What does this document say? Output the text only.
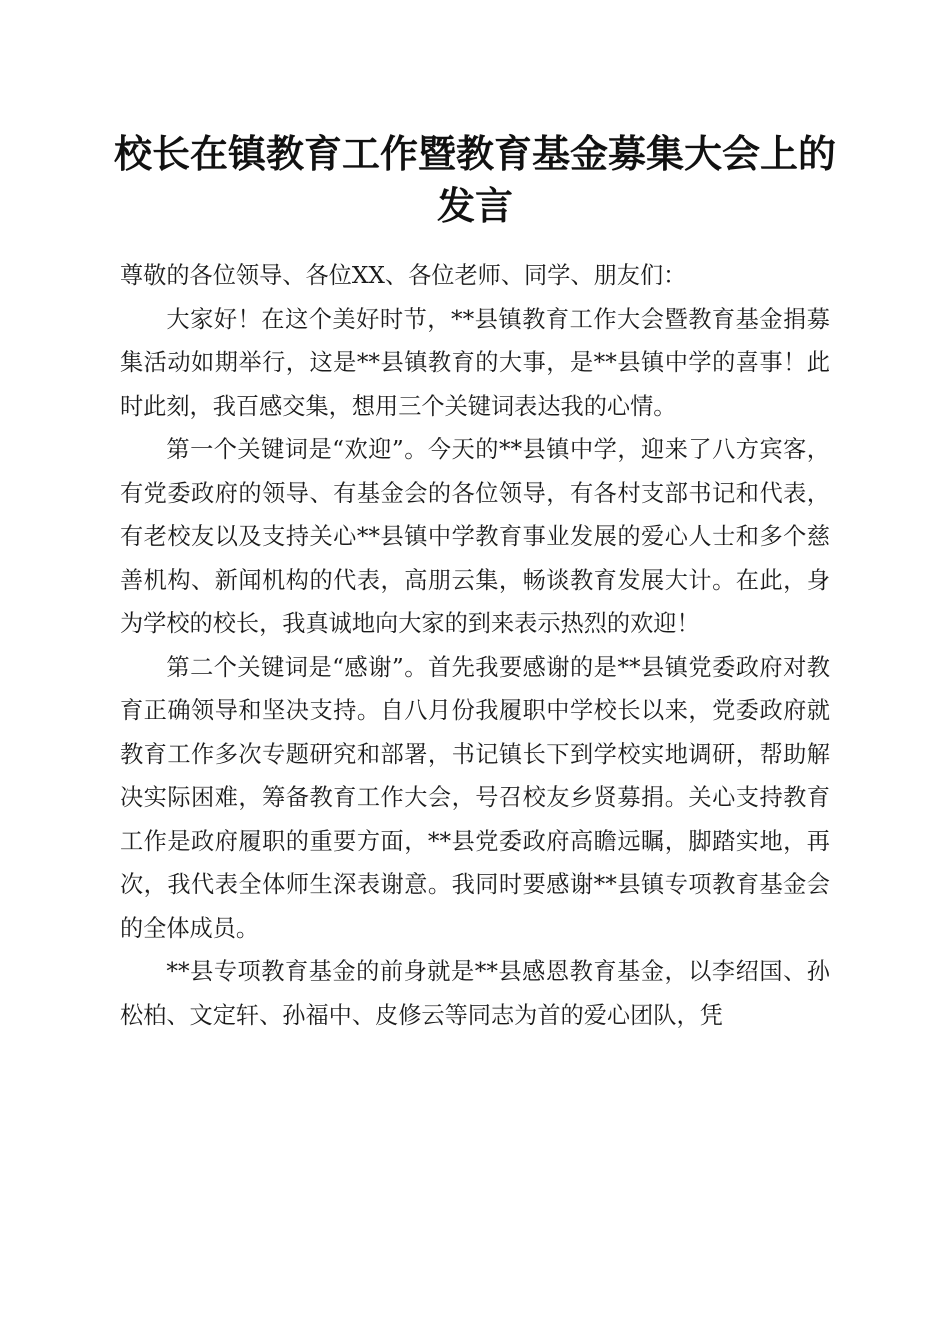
校长在镇教育工作暨教育基金募集大会上的发言

尊敬的各位领导、各位XX、各位老师、同学、朋友们：

大家好！在这个美好时节，**县镇教育工作大会暨教育基金捐募集活动如期举行，这是**县镇教育的大事，是**县镇中学的喜事！此时此刻，我百感交集，想用三个关键词表达我的心情。

第一个关键词是“欢迎”。今天的**县镇中学，迎来了八方宾客，有党委政府的领导、有基金会的各位领导，有各村支部书记和代表，有老校友以及支持关心**县镇中学教育事业发展的爱心人士和多个慈善机构、新闻机构的代表，高朋云集，畅谈教育发展大计。在此，身为学校的校长，我真诚地向大家的到来表示热烈的欢迎！

第二个关键词是“感谢”。首先我要感谢的是**县镇党委政府对教育正确领导和坚决支持。自八月份我履职中学校长以来，党委政府就教育工作多次专题研究和部署，书记镇长下到学校实地调研，帮助解决实际困难，筹备教育工作大会，号召校友乡贤募捐。关心支持教育工作是政府履职的重要方面，**县党委政府高瞻远瞩，脚踏实地，再次，我代表全体师生深表谢意。我同时要感谢**县镇专项教育基金会的全体成员。

**县专项教育基金的前身就是**县感恩教育基金，以李绍国、孙松柏、文定轩、孙福中、皮修云等同志为首的爱心团队，凭
